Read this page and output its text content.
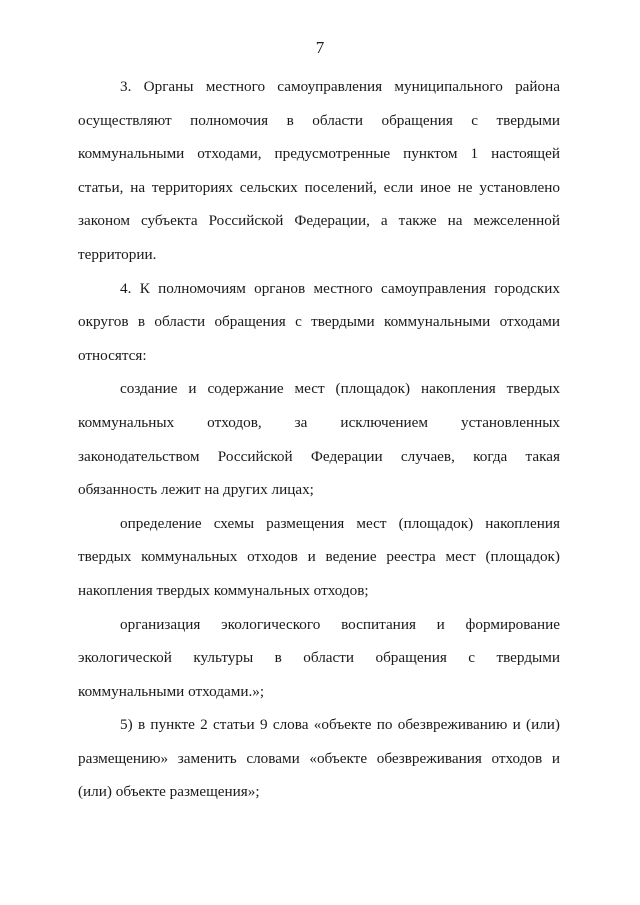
7

3. Органы местного самоуправления муниципального района осуществляют полномочия в области обращения с твердыми коммунальными отходами, предусмотренные пунктом 1 настоящей статьи, на территориях сельских поселений, если иное не установлено законом субъекта Российской Федерации, а также на межселенной территории.

4. К полномочиям органов местного самоуправления городских округов в области обращения с твердыми коммунальными отходами относятся:

создание и содержание мест (площадок) накопления твердых коммунальных отходов, за исключением установленных законодательством Российской Федерации случаев, когда такая обязанность лежит на других лицах;

определение схемы размещения мест (площадок) накопления твердых коммунальных отходов и ведение реестра мест (площадок) накопления твердых коммунальных отходов;

организация экологического воспитания и формирование экологической культуры в области обращения с твердыми коммунальными отходами.»;

5) в пункте 2 статьи 9 слова «объекте по обезвреживанию и (или) размещению» заменить словами «объекте обезвреживания отходов и (или) объекте размещения»;
